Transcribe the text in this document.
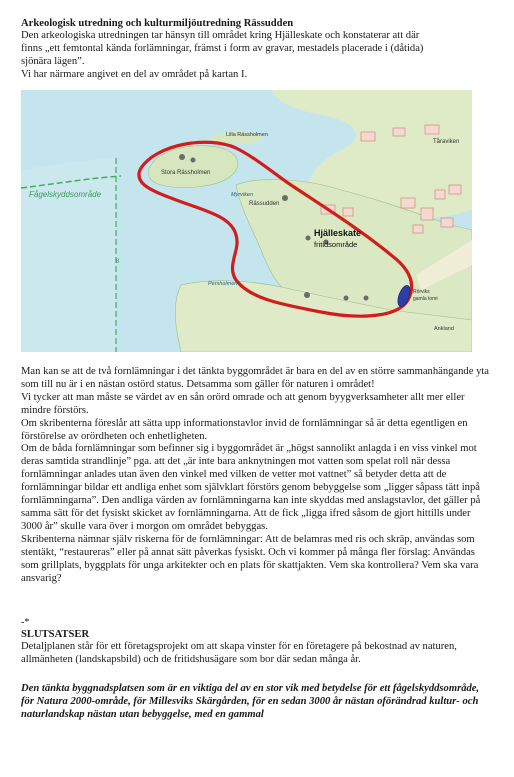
Arkeologisk utredning och kulturmiljöutredning Rässudden
Den arkeologiska utredningen tar hänsyn till området kring Hjälleskate och konstaterar att där
finns „ett femtontal kända forlämningar, främst i form av gravar, mestadels placerade i (dåtida)
sjönära lägen”.
Vi har närmare angivet en del av området på kartan I.
Tåraviken
Lilla Rässholmen
Stora Rässholmen
Fågelskyddsområde	Myrviken
Rässudden
Hjälleskate
fritidsområde
Persholmen
Rörviks
gamla tomt
Ankland
8

Man kan se att de två fornlämningar i det tänkta byggområdet är bara en del av en större sammanhängande yta som till nu är i en nästan ostörd status. Detsamma som gäller för naturen i området!

Vi tycker att man måste se värdet av en sån orörd omrade och att genom byygverksamheter allt mer eller mindre förstörs.

Om skribenterna föreslår att sätta upp informationstavlor invid de fornlämningar så är detta egentligen en förstörelse av orördheten och enhetligheten.

Om de båda fornlämningar som befinner sig i byggområdet är „högst sannolikt anlagda i en viss vinkel mot deras samtida strandlinje” pga. att det „är inte bara anknytningen mot vatten som spelat roll när dessa fornlämningar anlades utan även den vinkel med vilken de vetter mot vattnet” så betyder detta att de fornlämningar bildar ett andliga enhet som självklart förstörs genom bebyggelse som „ligger såpass tätt inpå fornlämningarna”. Den andliga värden av fornlämningarna kan inte skyddas med anslagstavlor, det gäller på samma sätt för det fysiskt skicket av fornlämningarna. Att de fick „ligga ifred såsom de gjort hittills under 3000 år” skulle vara över i morgon om området bebyggas.

Skribenterna nämnar själv riskerna för de fornlämningar: Att de belamras med ris och skräp, användas som stentäkt, “restaureras” eller på annat sätt påverkas fysiskt. Och vi kommer på många fler förslag: Användas som grillplats, byggplats för unga arkitekter och en plats för skattjakten. Vem ska kontrollera? Vem ska vara ansvarig?

-*
SLUTSATSER
Detaljplanen står för ett företagsprojekt om att skapa vinster för en företagere på bekostnad av naturen, allmänheten (landskapsbild) och de fritidshusägare som bor där sedan många år.
Den tänkta byggnadsplatsen som är en viktiga del av en stor vik med betydelse för ett fågelskyddsområde, för Natura 2000-område, för Millesviks Skärgården, för en sedan 3000 år nästan oförändrad kultur- och naturlandskap nästan utan bebyggelse, med en gammal
